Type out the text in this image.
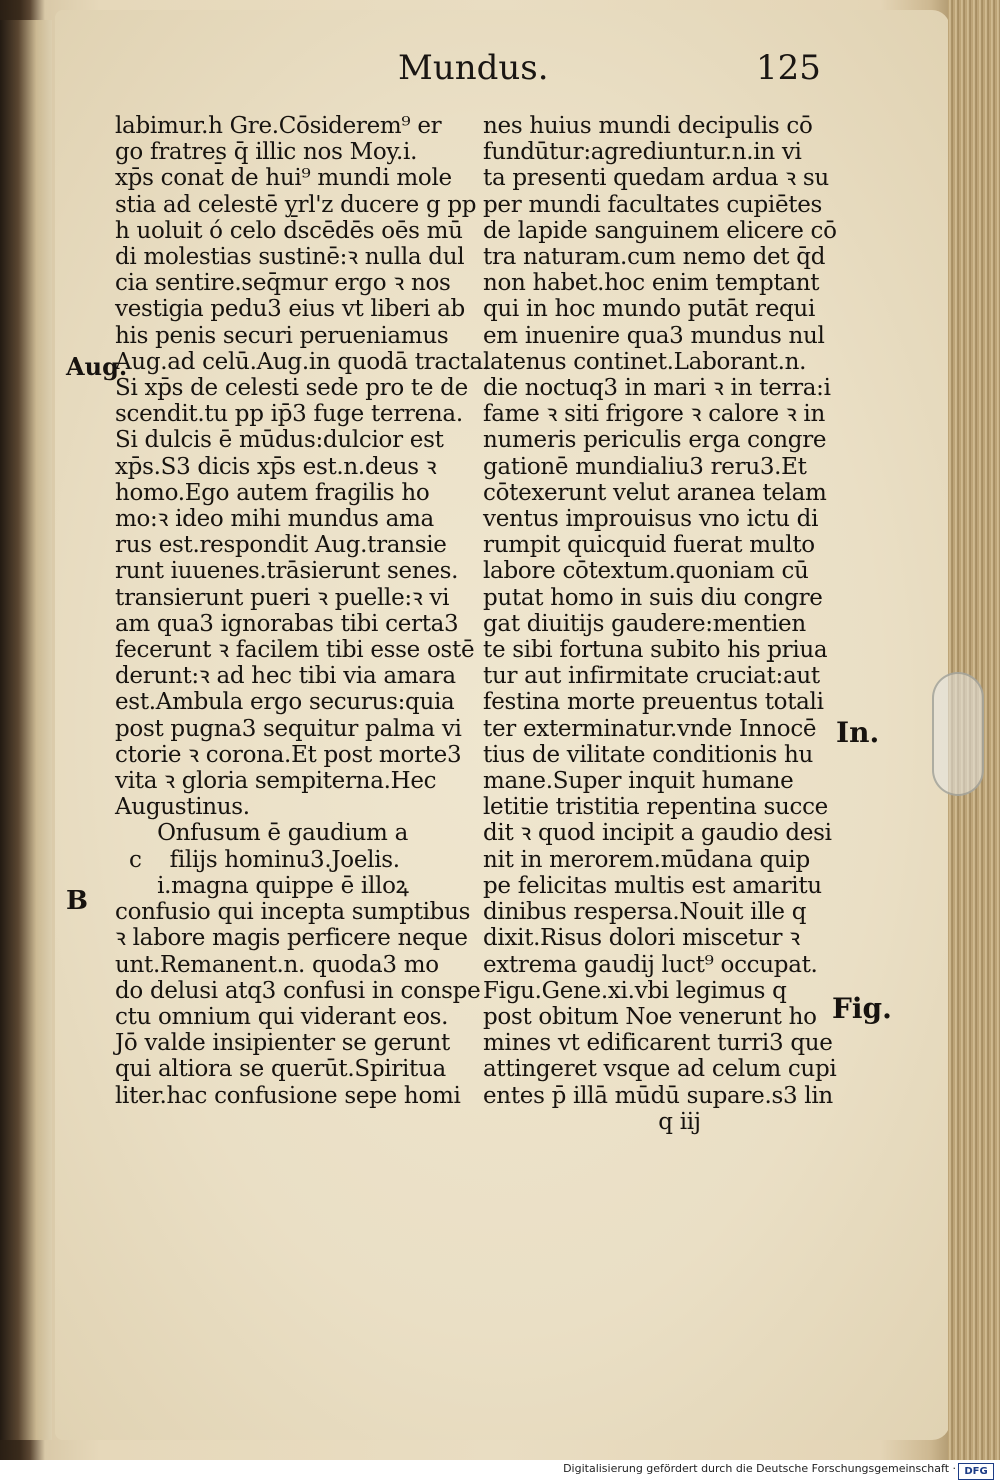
Mundus.	125
labimur.h Gre.Cōsiderem⁹ er
go fratres q̄ illic nos Moy.i.
xp̄s conat̄ de hui⁹ mundi mole
stia ad celestē yrl'z ducere g pp
h uoluit ó celo d̄scēdēs oēs mū
di molestias sustinē:ꝛ nulla dul
cia sentire.seq̄mur ergo ꝛ nos
vestigia pedu3 eius vt liberi ab
his penis securi perueniamus
Aug.ad celū.Aug.in quodā tracta.
Si xp̄s de celesti sede pro te de
scendit.tu pp ip̄3 fuge terrena.
Si dulcis ē mūdus:dulcior est
xp̄s.S3 dicis xp̄s est.n.deus ꝛ
homo.Ego autem fragilis ho
mo:ꝛ ideo mihi mundus ama
rus est.respondit Aug.transie
runt iuuenes.trāsierunt senes.
transierunt pueri ꝛ puelle:ꝛ vi
am qua3 ignorabas tibi certa3
fecerunt ꝛ facilem tibi esse ostē
derunt:ꝛ ad hec tibi via amara
est.Ambula ergo securus:quia
post pugna3 sequitur palma vi
ctorie ꝛ corona.Et post morte3
vita ꝛ gloria sempiterna.Hec
Augustinus.
Onfusum ē gaudium a
c    filijs hominu3.Joelis.
i.magna quippe ē illoꝝ
confusio qui incepta sumptibus
ꝛ labore magis perficere neque
unt.Remanent.n. quoda3 mo
do delusi atq3 confusi in conspe
ctu omnium qui viderant eos.
Jō valde insipienter se gerunt
qui altiora se querūt.Spiritua
liter.hac confusione sepe homi
nes huius mundi decipulis cō
fundūtur:agrediuntur.n.in vi
ta presenti quedam ardua ꝛ su
per mundi facultates cupiētes
de lapide sanguinem elicere cō
tra naturam.cum nemo det q̄d
non habet.hoc enim temptant
qui in hoc mundo putāt requi
em inuenire qua3 mundus nul
latenus continet.Laborant.n.
die noctuq3 in mari ꝛ in terra:i
fame ꝛ siti frigore ꝛ calore ꝛ in
numeris periculis erga congre
gationē mundialiu3 reru3.Et
cōtexerunt velut aranea telam
ventus improuisus vno ictu di
rumpit quicquid fuerat multo
labore cōtextum.quoniam cū
putat homo in suis diu congre
gat diuitijs gaudere:mentien
te sibi fortuna subito his priua
tur aut infirmitate cruciat̄:aut
festina morte preuentus totali
ter exterminatur.vnde Innocē
tius de vilitate conditionis hu
mane.Super inquit humane
letitie tristitia repentina succe
dit ꝛ quod incipit a gaudio desi
nit in merorem.mūdana quip
pe felicitas multis est amaritu
dinibus respersa.Nouit ille q
dixit.Risus dolori miscetur ꝛ
extrema gaudij luct⁹ occupat.
Figu.Gene.xi.vbi legimus q
post obitum Noe venerunt ho
mines vt edificarent turri3 que
attingeret vsque ad celum cupi
entes p̄ illā mūdū supare.s3 lin
q iij
Aug.
B
In.
Fig.
Digitalisierung gefördert durch die Deutsche Forschungsgemeinschaft · DFG
